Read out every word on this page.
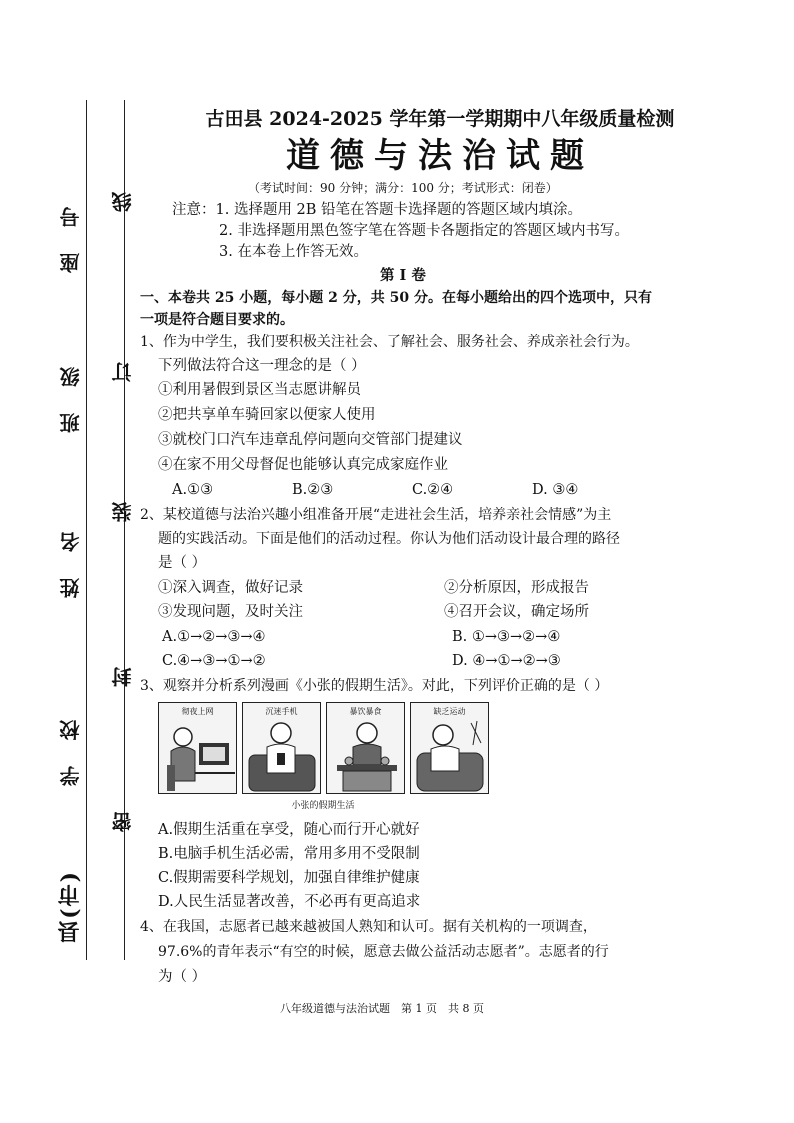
学校
姓名
班级
座号
县(市)
线
订
装
封
密
古田县 2024-2025 学年第一学期期中八年级质量检测
道德与法治试题
（考试时间：90 分钟；满分：100 分；考试形式：闭卷）
注意：1. 选择题用 2B 铅笔在答题卡选择题的答题区域内填涂。
2. 非选择题用黑色签字笔在答题卡各题指定的答题区域内书写。
3. 在本卷上作答无效。
第 I 卷
一、本卷共 25 小题，每小题 2 分，共 50 分。在每小题给出的四个选项中，只有
一项是符合题目要求的。
1、作为中学生，我们要积极关注社会、了解社会、服务社会、养成亲社会行为。
下列做法符合这一理念的是（ ）
①利用暑假到景区当志愿讲解员
②把共享单车骑回家以便家人使用
③就校门口汽车违章乱停问题向交管部门提建议
④在家不用父母督促也能够认真完成家庭作业
A.①③	B.②③	C.②④	D. ③④
2、某校道德与法治兴趣小组准备开展“走进社会生活，培养亲社会情感”为主
题的实践活动。下面是他们的活动过程。你认为他们活动设计最合理的路径
是（ ）
①深入调查，做好记录	②分析原因，形成报告
③发现问题，及时关注	④召开会议，确定场所
A.①→②→③→④	B. ①→③→②→④
C.④→③→①→②	D. ④→①→②→③
3、观察并分析系列漫画《小张的假期生活》。对此，下列评价正确的是（ ）
彻夜上网	沉迷手机	暴饮暴食	缺乏运动
小张的假期生活
A.假期生活重在享受，随心而行开心就好
B.电脑手机生活必需，常用多用不受限制
C.假期需要科学规划，加强自律维护健康
D.人民生活显著改善，不必再有更高追求
4、在我国，志愿者已越来越被国人熟知和认可。据有关机构的一项调查，
97.6%的青年表示“有空的时候，愿意去做公益活动志愿者”。志愿者的行
为（ ）
八年级道德与法治试题　第 1 页　共 8 页
